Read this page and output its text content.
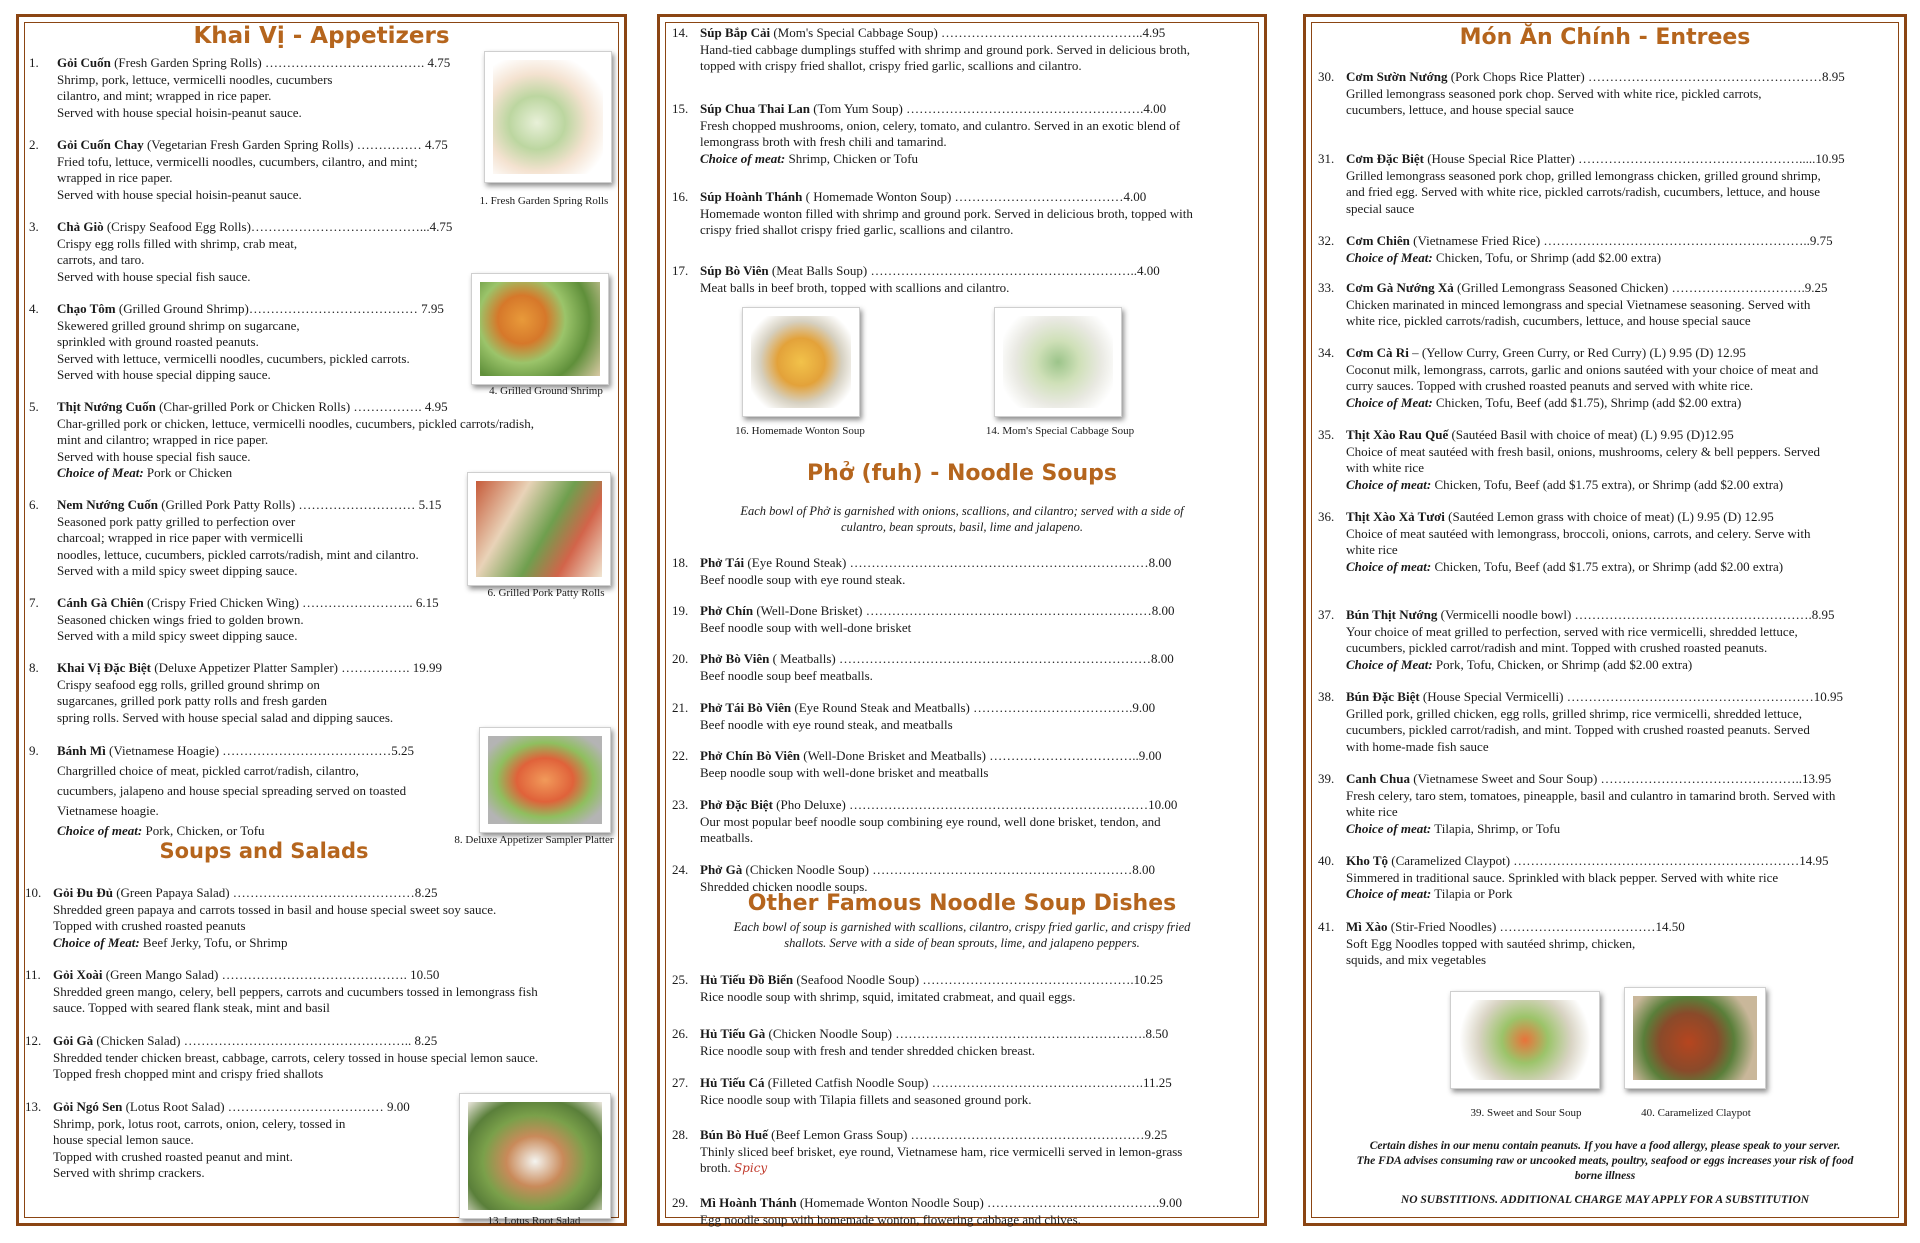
Khai Vị - Appetizers
1. Gỏi Cuốn (Fresh Garden Spring Rolls) ………………………………. 4.75
Shrimp, pork, lettuce, vermicelli noodles, cucumbers
cilantro, and mint; wrapped in rice paper.
Served with house special hoisin-peanut sauce.
2. Gỏi Cuốn Chay (Vegetarian Fresh Garden Spring Rolls) …………… 4.75
Fried tofu, lettuce, vermicelli noodles, cucumbers, cilantro, and mint;
wrapped in rice paper.
Served with house special hoisin-peanut sauce.
3. Chả Giò (Crispy Seafood Egg Rolls)…………………………………...4.75
Crispy egg rolls filled with shrimp, crab meat,
carrots, and taro.
Served with house special fish sauce.
4. Chạo Tôm (Grilled Ground Shrimp)………………………………… 7.95
Skewered grilled ground shrimp on sugarcane,
sprinkled with ground roasted peanuts.
Served with lettuce, vermicelli noodles, cucumbers, pickled carrots.
Served with house special dipping sauce.
5. Thịt Nướng Cuốn (Char-grilled Pork or Chicken Rolls) ……………. 4.95
Char-grilled pork or chicken, lettuce, vermicelli noodles, cucumbers, pickled carrots/radish,
mint and cilantro; wrapped in rice paper.
Served with house special fish sauce.
Choice of Meat: Pork or Chicken
6. Nem Nướng Cuốn (Grilled Pork Patty Rolls) ……………………… 5.15
Seasoned pork patty grilled to perfection over
charcoal; wrapped in rice paper with vermicelli
noodles, lettuce, cucumbers, pickled carrots/radish, mint and cilantro.
Served with a mild spicy sweet dipping sauce.
7. Cánh Gà Chiên (Crispy Fried Chicken Wing) …………………….. 6.15
Seasoned chicken wings fried to golden brown.
Served with a mild spicy sweet dipping sauce.
8. Khai Vị Đặc Biệt (Deluxe Appetizer Platter Sampler) ……………. 19.99
Crispy seafood egg rolls, grilled ground shrimp on
sugarcanes, grilled pork patty rolls and fresh garden
spring rolls. Served with house special salad and dipping sauces.
9. Bánh Mì (Vietnamese Hoagie) …………………………………5.25
Chargrilled choice of meat, pickled carrot/radish, cilantro,
cucumbers, jalapeno and house special spreading served on toasted
Vietnamese hoagie.
Choice of meat: Pork, Chicken, or Tofu
Soups and Salads
10. Gỏi Đu Đủ (Green Papaya Salad) ……………………………………8.25
Shredded green papaya and carrots tossed in basil and house special sweet soy sauce.
Topped with crushed roasted peanuts
Choice of Meat: Beef Jerky, Tofu, or Shrimp
11. Gỏi Xoài (Green Mango Salad) ……………………………………. 10.50
Shredded green mango, celery, bell peppers, carrots and cucumbers tossed in lemongrass fish
sauce. Topped with seared flank steak, mint and basil
12. Gỏi Gà (Chicken Salad) …………………………………………….. 8.25
Shredded tender chicken breast, cabbage, carrots, celery tossed in house special lemon sauce.
Topped fresh chopped mint and crispy fried shallots
13. Gỏi Ngó Sen (Lotus Root Salad) ……………………………… 9.00
Shrimp, pork, lotus root, carrots, onion, celery, tossed in
house special lemon sauce.
Topped with crushed roasted peanut and mint.
Served with shrimp crackers.
1. Fresh Garden Spring Rolls
4. Grilled Ground Shrimp
6. Grilled Pork Patty Rolls
8. Deluxe Appetizer Sampler Platter
13. Lotus Root Salad
14. Súp Bắp Cải (Mom's Special Cabbage Soup) ………………………………………..4.95
Hand-tied cabbage dumplings stuffed with shrimp and ground pork. Served in delicious broth,
topped with crispy fried shallot, crispy fried garlic, scallions and cilantro.
15. Súp Chua Thai Lan (Tom Yum Soup) ……………………………………………….4.00
Fresh chopped mushrooms, onion, celery, tomato, and culantro. Served in an exotic blend of
lemongrass broth with fresh chili and tamarind.
Choice of meat: Shrimp, Chicken or Tofu
16. Súp Hoành Thánh ( Homemade Wonton Soup) …………………………………4.00
Homemade wonton filled with shrimp and ground pork. Served in delicious broth, topped with
crispy fried shallot crispy fried garlic, scallions and cilantro.
17. Súp Bò Viên (Meat Balls Soup) ……………………………………………………..4.00
Meat balls in beef broth, topped with scallions and cilantro.
16. Homemade Wonton Soup	14. Mom's Special Cabbage Soup
Phở (fuh) - Noodle Soups
Each bowl of Phở is garnished with onions, scallions, and cilantro; served with a side of
culantro, bean sprouts, basil, lime and jalapeno.
18. Phở Tái (Eye Round Steak) ……………………………………………………………8.00
Beef noodle soup with eye round steak.
19. Phở Chín (Well-Done Brisket) …………………………………………………………8.00
Beef noodle soup with well-done brisket
20. Phở Bò Viên ( Meatballs) ………………………………………………………………8.00
Beef noodle soup beef meatballs.
21. Phở Tái Bò Viên (Eye Round Steak and Meatballs) ……………………………….9.00
Beef noodle with eye round steak, and meatballs
22. Phở Chín Bò Viên (Well-Done Brisket and Meatballs) ……………………………..9.00
Beep noodle soup with well-done brisket and meatballs
23. Phở Đặc Biệt (Pho Deluxe) ……………………………………………………………10.00
Our most popular beef noodle soup combining eye round, well done brisket, tendon, and
meatballs.
24. Phở Gà (Chicken Noodle Soup) ……………………………………………………8.00
Shredded chicken noodle soups.
Other Famous Noodle Soup Dishes
Each bowl of soup is garnished with scallions, cilantro, crispy fried garlic, and crispy fried
shallots. Serve with a side of bean sprouts, lime, and jalapeno peppers.
25. Hủ Tiếu Đồ Biển (Seafood Noodle Soup) ………………………………………….10.25
Rice noodle soup with shrimp, squid, imitated crabmeat, and quail eggs.
26. Hủ Tiếu Gà (Chicken Noodle Soup) ………………………………………………….8.50
Rice noodle soup with fresh and tender shredded chicken breast.
27. Hủ Tiếu Cá (Filleted Catfish Noodle Soup) ………………………………………….11.25
Rice noodle soup with Tilapia fillets and seasoned ground pork.
28. Bún Bò Huế (Beef Lemon Grass Soup) ………………………………………………9.25
Thinly sliced beef brisket, eye round, Vietnamese ham, rice vermicelli served in lemon-grass
broth. Spicy
29. Mì Hoành Thánh (Homemade Wonton Noodle Soup) ………………………………….9.00
Egg noodle soup with homemade wonton, flowering cabbage and chives.
Món Ăn Chính - Entrees
30. Cơm Sườn Nướng (Pork Chops Rice Platter) ………………………………………………8.95
Grilled lemongrass seasoned pork chop. Served with white rice, pickled carrots,
cucumbers, lettuce, and house special sauce
31. Cơm Đặc Biệt (House Special Rice Platter) …………………………………………….....10.95
Grilled lemongrass seasoned pork chop, grilled lemongrass chicken, grilled ground shrimp,
and fried egg. Served with white rice, pickled carrots/radish, cucumbers, lettuce, and house
special sauce
32. Cơm Chiên (Vietnamese Fried Rice) ……………………………………………………..9.75
Choice of Meat: Chicken, Tofu, or Shrimp (add $2.00 extra)
33. Cơm Gà Nướng Xả (Grilled Lemongrass Seasoned Chicken) ………………………….9.25
Chicken marinated in minced lemongrass and special Vietnamese seasoning. Served with
white rice, pickled carrots/radish, cucumbers, lettuce, and house special sauce
34. Cơm Cà Ri – (Yellow Curry, Green Curry, or Red Curry) (L) 9.95 (D) 12.95
Coconut milk, lemongrass, carrots, garlic and onions sautéed with your choice of meat and
curry sauces. Topped with crushed roasted peanuts and served with white rice.
Choice of Meat: Chicken, Tofu, Beef (add $1.75), Shrimp (add $2.00 extra)
35. Thịt Xào Rau Quế (Sautéed Basil with choice of meat) (L) 9.95 (D)12.95
Choice of meat sautéed with fresh basil, onions, mushrooms, celery & bell peppers. Served
with white rice
Choice of meat: Chicken, Tofu, Beef (add $1.75 extra), or Shrimp (add $2.00 extra)
36. Thịt Xào Xả Tươi (Sautéed Lemon grass with choice of meat) (L) 9.95 (D) 12.95
Choice of meat sautéed with lemongrass, broccoli, onions, carrots, and celery. Serve with
white rice
Choice of meat: Chicken, Tofu, Beef (add $1.75 extra), or Shrimp (add $2.00 extra)
37. Bún Thịt Nướng (Vermicelli noodle bowl) ……………………………………………….8.95
Your choice of meat grilled to perfection, served with rice vermicelli, shredded lettuce,
cucumbers, pickled carrot/radish and mint. Topped with crushed roasted peanuts.
Choice of Meat: Pork, Tofu, Chicken, or Shrimp (add $2.00 extra)
38. Bún Đặc Biệt (House Special Vermicelli) …………………………………………………10.95
Grilled pork, grilled chicken, egg rolls, grilled shrimp, rice vermicelli, shredded lettuce,
cucumbers, pickled carrot/radish, and mint. Topped with crushed roasted peanuts. Served
with home-made fish sauce
39. Canh Chua (Vietnamese Sweet and Sour Soup) ………………………………………..13.95
Fresh celery, taro stem, tomatoes, pineapple, basil and culantro in tamarind broth. Served with
white rice
Choice of meat: Tilapia, Shrimp, or Tofu
40. Kho Tộ (Caramelized Claypot) …………………………………………………………14.95
Simmered in traditional sauce. Sprinkled with black pepper. Served with white rice
Choice of meat: Tilapia or Pork
41. Mì Xào (Stir-Fried Noodles) ………………………………14.50
Soft Egg Noodles topped with sautéed shrimp, chicken,
squids, and mix vegetables
39. Sweet and Sour Soup	40. Caramelized Claypot
Certain dishes in our menu contain peanuts. If you have a food allergy, please speak to your server.
The FDA advises consuming raw or uncooked meats, poultry, seafood or eggs increases your risk of food
borne illness
NO SUBSTITIONS. ADDITIONAL CHARGE MAY APPLY FOR A SUBSTITUTION
